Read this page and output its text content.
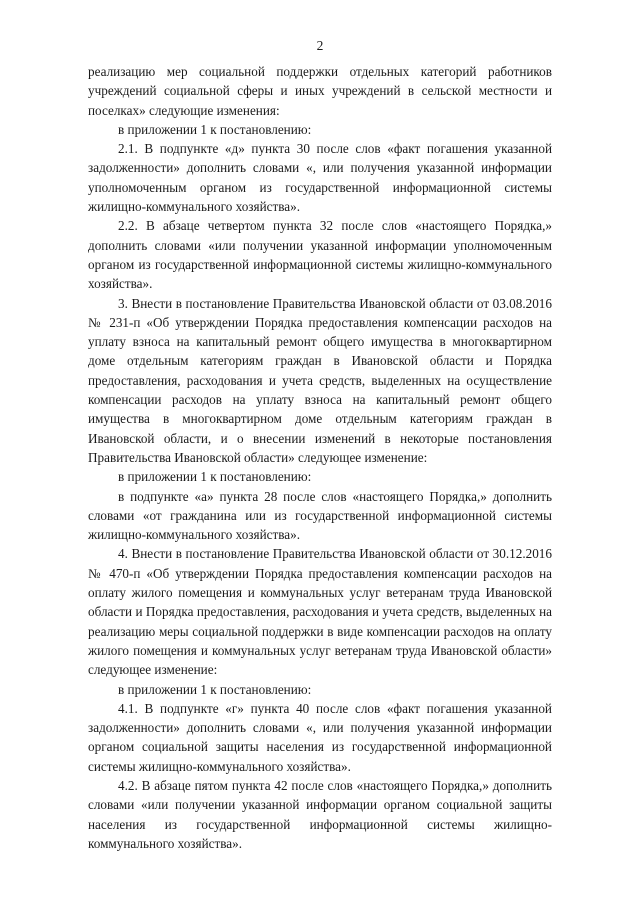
2

реализацию мер социальной поддержки отдельных категорий работников учреждений социальной сферы и иных учреждений в сельской местности и поселках» следующие изменения:

в приложении 1 к постановлению:

2.1. В подпункте «д» пункта 30 после слов «факт погашения указанной задолженности» дополнить словами «, или получения указанной информации уполномоченным органом из государственной информационной системы жилищно-коммунального хозяйства».

2.2. В абзаце четвертом пункта 32 после слов «настоящего Порядка,» дополнить словами «или получении указанной информации уполномоченным органом из государственной информационной системы жилищно-коммунального хозяйства».

3. Внести в постановление Правительства Ивановской области от 03.08.2016 № 231-п «Об утверждении Порядка предоставления компенсации расходов на уплату взноса на капитальный ремонт общего имущества в многоквартирном доме отдельным категориям граждан в Ивановской области и Порядка предоставления, расходования и учета средств, выделенных на осуществление компенсации расходов на уплату взноса на капитальный ремонт общего имущества в многоквартирном доме отдельным категориям граждан в Ивановской области, и о внесении изменений в некоторые постановления Правительства Ивановской области» следующее изменение:

в приложении 1 к постановлению:

в подпункте «а» пункта 28 после слов «настоящего Порядка,» дополнить словами «от гражданина или из государственной информационной системы жилищно-коммунального хозяйства».

4. Внести в постановление Правительства Ивановской области от 30.12.2016 № 470-п «Об утверждении Порядка предоставления компенсации расходов на оплату жилого помещения и коммунальных услуг ветеранам труда Ивановской области и Порядка предоставления, расходования и учета средств, выделенных на реализацию меры социальной поддержки в виде компенсации расходов на оплату жилого помещения и коммунальных услуг ветеранам труда Ивановской области» следующее изменение:

в приложении 1 к постановлению:

4.1. В подпункте «г» пункта 40 после слов «факт погашения указанной задолженности» дополнить словами «, или получения указанной информации органом социальной защиты населения из государственной информационной системы жилищно-коммунального хозяйства».

4.2. В абзаце пятом пункта 42 после слов «настоящего Порядка,» дополнить словами «или получении указанной информации органом социальной защиты населения из государственной информационной системы жилищно-коммунального хозяйства».
